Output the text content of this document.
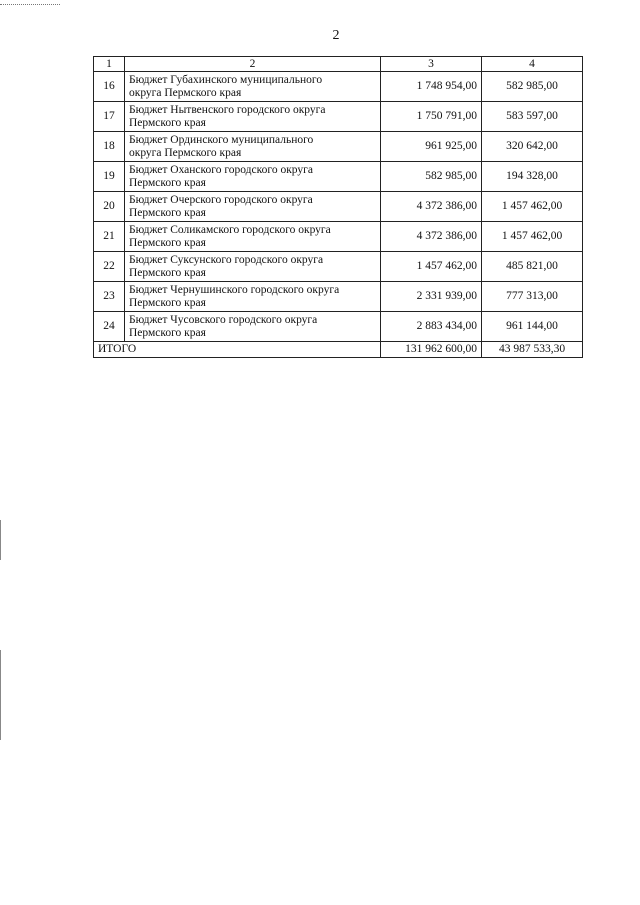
2
1	2	3	4
16	Бюджет Губахинского муниципального
округа Пермского края	1 748 954,00	582 985,00
17	Бюджет Нытвенского городского округа
Пермского края	1 750 791,00	583 597,00
18	Бюджет Ординского муниципального
округа Пермского края	961 925,00	320 642,00
19	Бюджет Оханского городского округа
Пермского края	582 985,00	194 328,00
20	Бюджет Очерского городского округа
Пермского края	4 372 386,00	1 457 462,00
21	Бюджет Соликамского городского округа
Пермского края	4 372 386,00	1 457 462,00
22	Бюджет Суксунского городского округа
Пермского края	1 457 462,00	485 821,00
23	Бюджет Чернушинского городского округа
Пермского края	2 331 939,00	777 313,00
24	Бюджет Чусовского городского округа
Пермского края	2 883 434,00	961 144,00
ИТОГО		131 962 600,00	43 987 533,30
